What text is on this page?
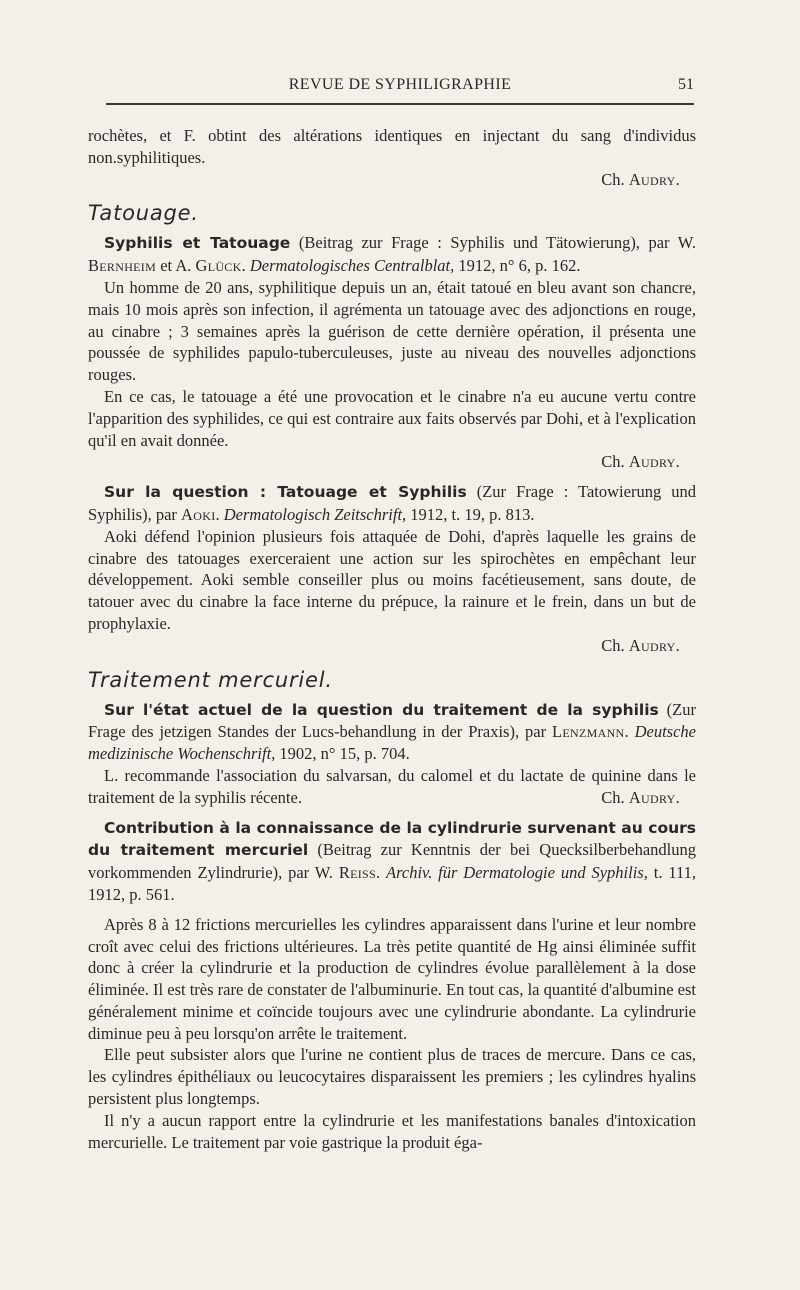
REVUE DE SYPHILIGRAPHIE	51

rochètes, et F. obtint des altérations identiques en injectant du sang d'individus non.syphilitiques.

Ch. Audry.

Tatouage.

Syphilis et Tatouage (Beitrag zur Frage : Syphilis und Tätowierung), par W. Bernheim et A. Glück. Dermatologisches Centralblat, 1912, n° 6, p. 162.

Un homme de 20 ans, syphilitique depuis un an, était tatoué en bleu avant son chancre, mais 10 mois après son infection, il agrémenta un tatouage avec des adjonctions en rouge, au cinabre ; 3 semaines après la guérison de cette dernière opération, il présenta une poussée de syphilides papulo-tuberculeuses, juste au niveau des nouvelles adjonctions rouges.

En ce cas, le tatouage a été une provocation et le cinabre n'a eu aucune vertu contre l'apparition des syphilides, ce qui est contraire aux faits observés par Dohi, et à l'explication qu'il en avait donnée.

Ch. Audry.

Sur la question : Tatouage et Syphilis (Zur Frage : Tatowierung und Syphilis), par Aoki. Dermatologisch Zeitschrift, 1912, t. 19, p. 813.

Aoki défend l'opinion plusieurs fois attaquée de Dohi, d'après laquelle les grains de cinabre des tatouages exerceraient une action sur les spirochètes en empêchant leur développement. Aoki semble conseiller plus ou moins facétieusement, sans doute, de tatouer avec du cinabre la face interne du prépuce, la rainure et le frein, dans un but de prophylaxie.

Ch. Audry.

Traitement mercuriel.

Sur l'état actuel de la question du traitement de la syphilis (Zur Frage des jetzigen Standes der Lucs-behandlung in der Praxis), par Lenzmann. Deutsche medizinische Wochenschrift, 1902, n° 15, p. 704.

L. recommande l'association du salvarsan, du calomel et du lactate de quinine dans le traitement de la syphilis récente.	Ch. Audry.

Contribution à la connaissance de la cylindrurie survenant au cours du traitement mercuriel (Beitrag zur Kenntnis der bei Quecksilberbehandlung vorkommenden Zylindrurie), par W. Reiss. Archiv. für Dermatologie und Syphilis, t. 111, 1912, p. 561.

Après 8 à 12 frictions mercurielles les cylindres apparaissent dans l'urine et leur nombre croît avec celui des frictions ultérieures. La très petite quantité de Hg ainsi éliminée suffit donc à créer la cylindrurie et la production de cylindres évolue parallèlement à la dose éliminée. Il est très rare de constater de l'albuminurie. En tout cas, la quantité d'albumine est généralement minime et coïncide toujours avec une cylindrurie abondante. La cylindrurie diminue peu à peu lorsqu'on arrête le traitement.

Elle peut subsister alors que l'urine ne contient plus de traces de mercure. Dans ce cas, les cylindres épithéliaux ou leucocytaires disparaissent les premiers ; les cylindres hyalins persistent plus longtemps.

Il n'y a aucun rapport entre la cylindrurie et les manifestations banales d'intoxication mercurielle. Le traitement par voie gastrique la produit éga-
